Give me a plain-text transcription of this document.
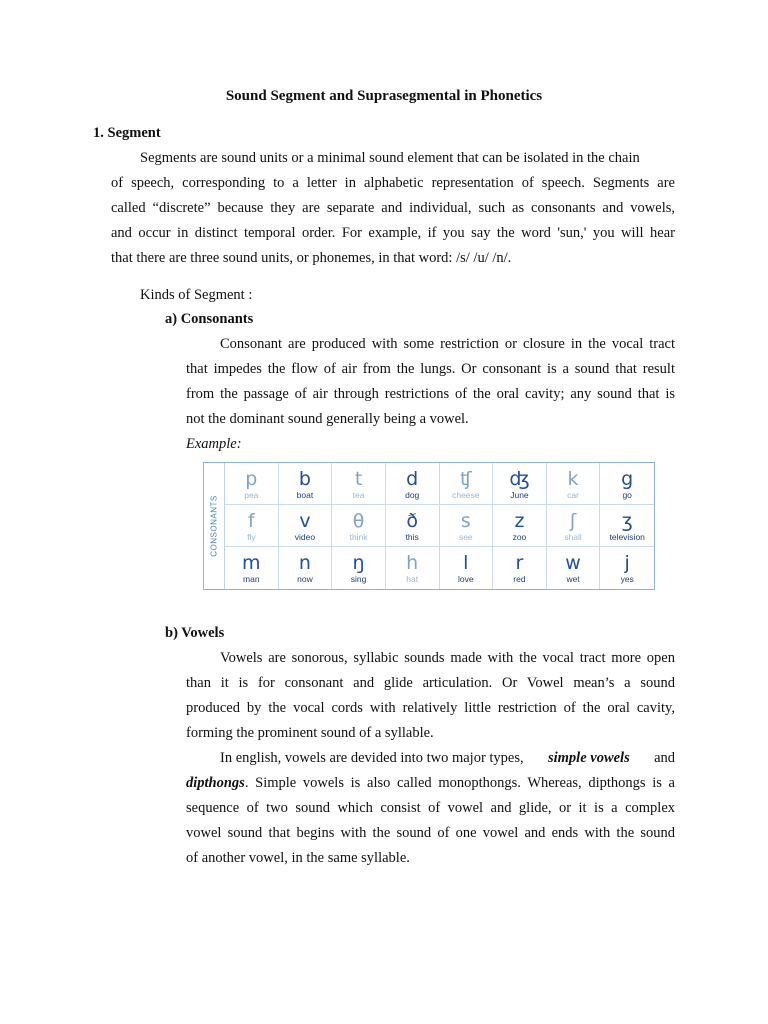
Sound Segment and Suprasegmental in Phonetics
1. Segment
Segments are sound units or a minimal sound element that can be isolated in the chain
of speech, corresponding to a letter in alphabetic representation of speech. Segments are
called “discrete” because they are separate and individual, such as consonants and vowels,
and occur in distinct temporal order. For example, if you say the word 'sun,' you will hear
that there are three sound units, or phonemes, in that word: /s/ /u/ /n/.
Kinds of Segment :
a) Consonants
Consonant are produced with some restriction or closure in the vocal tract
that impedes the flow of air from the lungs. Or consonant is a sound that result
from the passage of air through restrictions of the oral cavity; any sound that is
not the dominant sound generally being a vowel.
Example:
CONSONANTS
p
pea
b
boat
t
tea
d
dog
ʧ
cheese
ʤ
June
k
car
g
go
f
fly
v
video
θ
think
ð
this
s
see
z
zoo
ʃ
shall
ʒ
television
m
man
n
now
ŋ
sing
h
hat
l
love
r
red
w
wet
j
yes
b) Vowels
Vowels are sonorous, syllabic sounds made with the vocal tract more open
than it is for consonant and glide articulation. Or Vowel mean’s a sound
produced by the vocal cords with relatively little restriction of the oral cavity,
forming the prominent sound of a syllable.
In english, vowels are devided into two major types, simple vowels and
dipthongs . Simple vowels is also called monopthongs. Whereas, dipthongs is a
sequence of two sound which consist of vowel and glide, or it is a complex
vowel sound that begins with the sound of one vowel and ends with the sound
of another vowel, in the same syllable.
